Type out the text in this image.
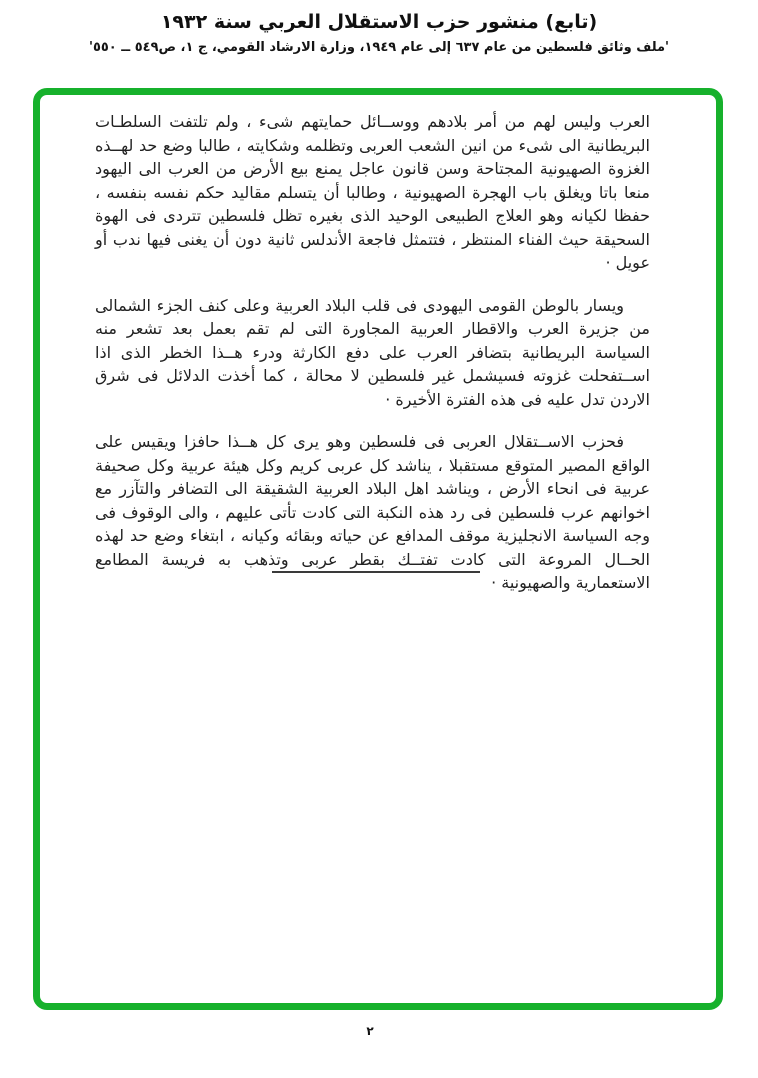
(تابع) منشور حزب الاستقلال العربي سنة ١٩٣٢
'ملف وثائق فلسطين من عام ٦٣٧ إلى عام ١٩٤٩، وزارة الارشاد القومي، ج ١، ص٥٤٩ ــ ٥٥٠'

العرب وليس لهم من أمر بلادهم ووســائل حمايتهم شىء ، ولم تلتفت السلطـات البريطانية الى شىء من انين الشعب العربى وتظلمه وشكايته ، طالبا وضع حد لهــذه الغزوة الصهيونية المجتاحة وسن قانون عاجل يمنع بيع الأرض من العرب الى اليهود منعا باتا ويغلق باب الهجرة الصهيونية ، وطالبا أن يتسلم مقاليد حكم نفسه بنفسه ، حفظا لكيانه وهو العلاج الطبيعى الوحيد الذى بغيره تظل فلسطين تتردى فى الهوة السحيقة حيث الفناء المنتظر ، فتتمثل فاجعة الأندلس ثانية دون أن يغنى فيها ندب أو عويل ·

ويسار بالوطن القومى اليهودى فى قلب البلاد العربية وعلى كنف الجزء الشمالى من جزيرة العرب والاقطار العربية المجاورة التى لم تقم بعمل بعد تشعر منه السياسة البريطانية بتضافر العرب على دفع الكارثة ودرء هــذا الخطر الذى اذا اســتفحلت غزوته فسيشمل غير فلسطين لا محالة ، كما أخذت الدلائل فى شرق الاردن تدل عليه فى هذه الفترة الأخيرة ·

فحزب الاســتقلال العربى فى فلسطين وهو يرى كل هــذا حافزا ويقيس على الواقع المصير المتوقع مستقبلا ، يناشد كل عربى كريم وكل هيئة عربية وكل صحيفة عربية فى انحاء الأرض ، ويناشد اهل البلاد العربية الشقيقة الى التضافر والتآزر مع اخوانهم عرب فلسطين فى رد هذه النكبة التى كادت تأتى عليهم ، والى الوقوف فى وجه السياسة الانجليزية موقف المدافع عن حياته وبقائه وكيانه ، ابتغاء وضع حد لهذه الحــال المروعة التى كادت تفتــك بقطر عربى وتذهب به فريسة المطامع الاستعمارية والصهيونية ·

٢
